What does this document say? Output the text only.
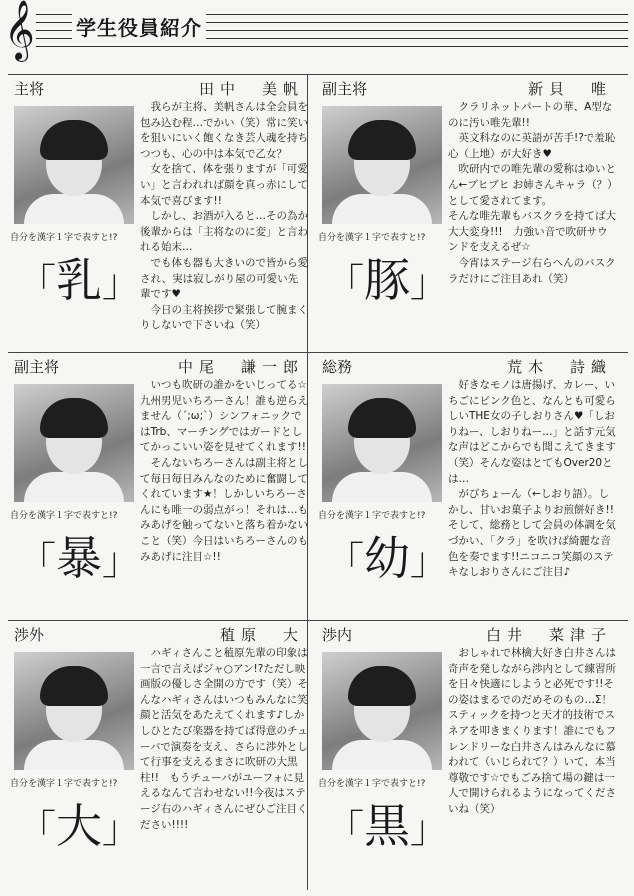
𝄞 学生役員紹介
主将	田中　美帆
自分を漢字１字で表すと!?
「乳」
　我らが主将、美帆さんは全会員を包み込む程…でかい（笑）常に笑いを狙いにいく飽くなき芸人魂を持ちつつも、心の中は本気で乙女？
　女を捨て、体を張りますが「可愛い」と言われれば顔を真っ赤にして本気で喜びます!!
　しかし、お酒が入ると…その為か後輩からは「主将なのに変」と言われる始末…
　でも体も器も大きいので皆から愛され、実は寂しがり屋の可愛い先輩です♥
　今日の主将挨拶で緊張して腕まくりしないで下さいね（笑）
副主将	新貝　唯
自分を漢字１字で表すと!?
「豚」
　クラリネットパートの華、A型なのに汚い唯先輩!!
　英文科なのに英語が苦手!?で羞恥心（上地）が大好き♥
　吹研内での唯先輩の愛称はゆいとん←ブヒブヒ お姉さんキャラ（？）として愛されてます。
そんな唯先輩もバスクラを持てば大大大変身!!!　力強い音で吹研サウンドを支えるぜ☆
　今宵はステージ右らへんのバスクラだけにご注目あれ（笑）
副主将	中尾　謙一郎
自分を漢字１字で表すと!?
「暴」
　いつも吹研の誰かをいじってる☆九州男児いちろーさん！誰も逆らえません（´;ω;`）シンフォニックではTrb、マーチングではガードとしてかっこいい姿を見せてくれます!!
　そんないちろーさんは副主将として毎日毎日みんなのために奮闘してくれています★！しかしいちろーさんにも唯一の弱点がっ！それは…もみあげを触ってないと落ち着かないこと（笑）今日はいちろーさんのもみあげに注目☆!!
総務	荒木　詩織
自分を漢字１字で表すと!?
「幼」
　好きなモノは唐揚げ、カレー、いちごにピンク色と、なんとも可愛らしいTHE女の子しおりさん♥「しおりねー、しおりねー…」と話す元気な声はどこからでも聞こえてきます（笑）そんな姿はとてもOver20とは…
　がびちょーん（←しおり語）。しかし、甘いお菓子よりお煎餅好き!!そして、総務として会員の体調を気づかい、「クラ」を吹けば綺麗な音色を奏でます!!ニコニコ笑顔のステキなしおりさんにご注目♪
渉外	稙原　大
自分を漢字１字で表すと!?
「大」
　ハギィさんこと稙原先輩の印象は一言で言えばジャ○アン!?ただし映画版の優しさ全開の方です（笑）そんなハギィさんはいつもみんなに笑顔と活気をあたえてくれます♪しかしひとたび楽器を持てば得意のチューバで演奏を支え、さらに渉外として行事を支えるまさに吹研の大黒柱!!　もうチューバがユーフォに見えるなんて言わせない!!今夜はステージ右のハギィさんにぜひご注目ください!!!!
渉内	白井　菜津子
自分を漢字１字で表すと!?
「黒」
　おしゃれで林檎大好き白井さんは奇声を発しながら渉内として練習所を日々快適にしようと必死です!!その姿はまるでのだめそのもの…Σ！スティックを持つと天才的技術でスネアを叩きまくります！誰にでもフレンドリーな白井さんはみんなに慕われて（いじられて？）いて、本当尊敬です☆でもごみ捨て場の鍵は一人で開けられるようになってくださいね（笑）
